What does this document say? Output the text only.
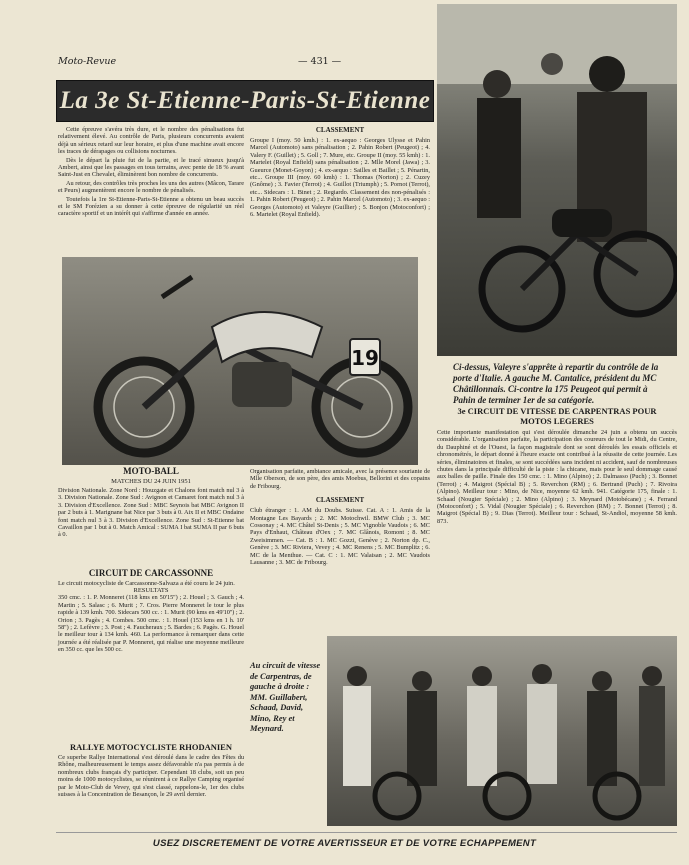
Moto-Revue	— 431 —
La 3e St-Etienne-Paris-St-Etienne

Cette épreuve s'avéra très dure, et le nombre des pénalisations fut relativement élevé. Au contrôle de Paris, plusieurs concurrents avaient déjà un sérieux retard sur leur horaire, et plus d'une machine avait encore les traces de dérapages ou collisions nocturnes.

Dès le départ la pluie fut de la partie, et le tracé sinueux jusqu'à Ambert, ainsi que les passages en tous terrains, avec pente de 18 % avant Saint-Just en Chevalet, éliminèrent bon nombre de concurrents.

Au retour, des contrôles très proches les uns des autres (Mâcon, Tarare et Peurs) augmentèrent encore le nombre de pénalisés.

Toutefois la 1re St-Etienne-Paris-St-Etienne a obtenu un beau succès et le SM Forézien a su donner à cette épreuve de régularité un réel caractère sportif et un intérêt qui s'affirme d'année en année.

CLASSEMENT
Groupe I (moy. 50 kmh.) : 1. ex-aequo : Georges Ulysse et Pahin Marcel (Automoto) sans pénalisation ; 2. Pahin Robert (Peugeot) ; 4. Valery F. (Guillet) ; 5. Goll ; 7. Mure, etc. Groupe II (moy. 55 kmh) : 1. Martelet (Royal Enfield) sans pénalisation ; 2. Mlle Morel (Jawa) ; 3. Gueurce (Monet-Goyon) ; 4. ex-aequo : Sailles et Baillet ; 5. Pénartin, etc... Groupe III (moy. 60 kmh) : 1. Thomas (Norton) ; 2. Cuzey (Gnôme) ; 3. Favier (Terrot) ; 4. Guillot (Triumph) ; 5. Pornot (Terrot), etc... Sidecars : 1. Binet ; 2. Regiardo. Classement des non-pénalisés : 1. Pahin Robert (Peugeot) ; 2. Pahin Marcel (Automoto) ; 3. ex-aequo : Georges (Automoto) et Valeyre (Guillier) ; 5. Bonjon (Motoconfort) ; 6. Martelet (Royal Enfield).
Ci-dessus, Valeyre s'apprête à repartir du contrôle de la porte d'Italie. A gauche M. Cantalice, président du MC Châtillonnais. Ci-contre la 175 Peugeot qui permit à Pahin de terminer 1er de sa catégorie.
19
MOTO-BALL
MATCHES DU 24 JUIN 1951
Division Nationale. Zone Nord : Houzgate et Chalons font match nul 3 à 3. Division Nationale. Zone Sud : Avignon et Camaret font match nul 3 à 3. Division d'Excellence. Zone Sud : MBC Seynois bat MBC Avignon II par 2 buts à 1. Marignane bat Nice par 3 buts à 0. Aix II et MBC Ondaine font match nul 3 à 3. Division d'Excellence. Zone Sud : St-Etienne bat Cavaillon par 1 but à 0. Match Amical : SUMA I bat SUMA II par 6 buts à 0.
CIRCUIT DE CARCASSONNE
Le circuit motocycliste de Carcassonne-Salvaza a été couru le 24 juin.
RESULTATS
350 cmc. : 1. P. Monneret (118 kms en 50'15'') ; 2. Houel ; 3. Gauch ; 4. Martin ; 5. Salasc ; 6. Murit ; 7. Cros. Pierre Monneret le tour le plus rapide à 139 kmh. 700. Sidecars 500 cc. : 1. Murit (90 kms en 49'10'') ; 2. Orion ; 3. Pagès ; 4. Combes. 500 cmc. : 1. Houel (153 kms en 1 h. 10' 58'') ; 2. Lefèvre ; 3. Post ; 4. Faucheraux ; 5. Bardes ; 6. Pagès. G. Houel le meilleur tour à 134 kmh. 460. La performance à remarquer dans cette journée a été réalisée par P. Monneret, qui réalise une moyenne meilleure en 350 cc. que les 500 cc.
RALLYE MOTOCYCLISTE RHODANIEN
Ce superbe Rallye International s'est déroulé dans le cadre des Fêtes du Rhône, malheureusement le temps assez défavorable n'a pas permis à de nombreux clubs français d'y participer. Cependant 18 clubs, soit un peu moins de 1000 motocyclistes, se réunirent à ce Rallye Camping organisé par le Moto-Club de Vevey, qui s'est classé, rappelons-le, 1er des clubs suisses à la Concentration de Besançon, le 29 avril dernier.
Organisation parfaite, ambiance amicale, avec la présence souriante de Mlle Oberson, de son père, des amis Moebus, Bellorini et des copains de Fribourg.
CLASSEMENT
Club étranger : 1. AM du Doubs. Suisse. Cat. A : 1. Amis de la Montagne Les Bayards ; 2. MC Motochwil. BMW Club ; 3. MC Cossonay ; 4. MC Châtel St-Denis ; 5. MC Vignoble Vaudois ; 6. MC Pays d'Enhaut, Château d'Oex ; 7. MC Glânois, Romont ; 8. MC Zweisimmen. — Cat. B : 1. MC Gozzi, Genève ; 2. Norton dp. C., Genève ; 3. MC Riviera, Vevey ; 4. MC Renens ; 5. MC Bumplitz ; 6. MC de la Menthue. — Cat. C : 1. MC Valaisan ; 2. MC Vaudois Lausanne ; 3. MC de Fribourg.
Au circuit de vitesse de Carpentras, de gauche à droite : MM. Guillabert, Schaad, David, Mino, Rey et Meynard.
3e CIRCUIT DE VITESSE DE CARPENTRAS POUR MOTOS LEGERES
Cette importante manifestation qui s'est déroulée dimanche 24 juin a obtenu un succès considérable. L'organisation parfaite, la participation des coureurs de tout le Midi, du Centre, du Dauphiné et de l'Ouest, la façon magistrale dont se sont déroulés les essais officiels et chronométrés, le départ donné à l'heure exacte ont contribué à la réussite de cette journée. Les séries, éliminatoires et finales, se sont succédées sans incident ni accident, sauf de nombreuses chutes dans la principale difficulté de la piste : la chicane, mais pour le seul dommage causé aux balles de paille. Finale des 150 cmc. : 1. Mino (Alpino) ; 2. Dalmasso (Puch) ; 3. Bonnet (Terrot) ; 4. Maigrot (Spécial B) ; 5. Reverchon (RM) ; 6. Bertrand (Puch) ; 7. Rivoira (Alpino). Meilleur tour : Mino, de Nice, moyenne 62 kmh. 941. Catégorie 175, finale : 1. Schaad (Nougier Spéciale) ; 2. Mino (Alpino) ; 3. Meynard (Motobécane) ; 4. Ferrand (Motoconfort) ; 5. Vidal (Nougier Spéciale) ; 6. Reverchon (RM) ; 7. Bonnet (Terrot) ; 8. Maigrot (Spécial B) ; 9. Dias (Terrot). Meilleur tour : Schaad, St-Andiol, moyenne 58 kmh. 873.
USEZ DISCRETEMENT DE VOTRE AVERTISSEUR ET DE VOTRE ECHAPPEMENT
